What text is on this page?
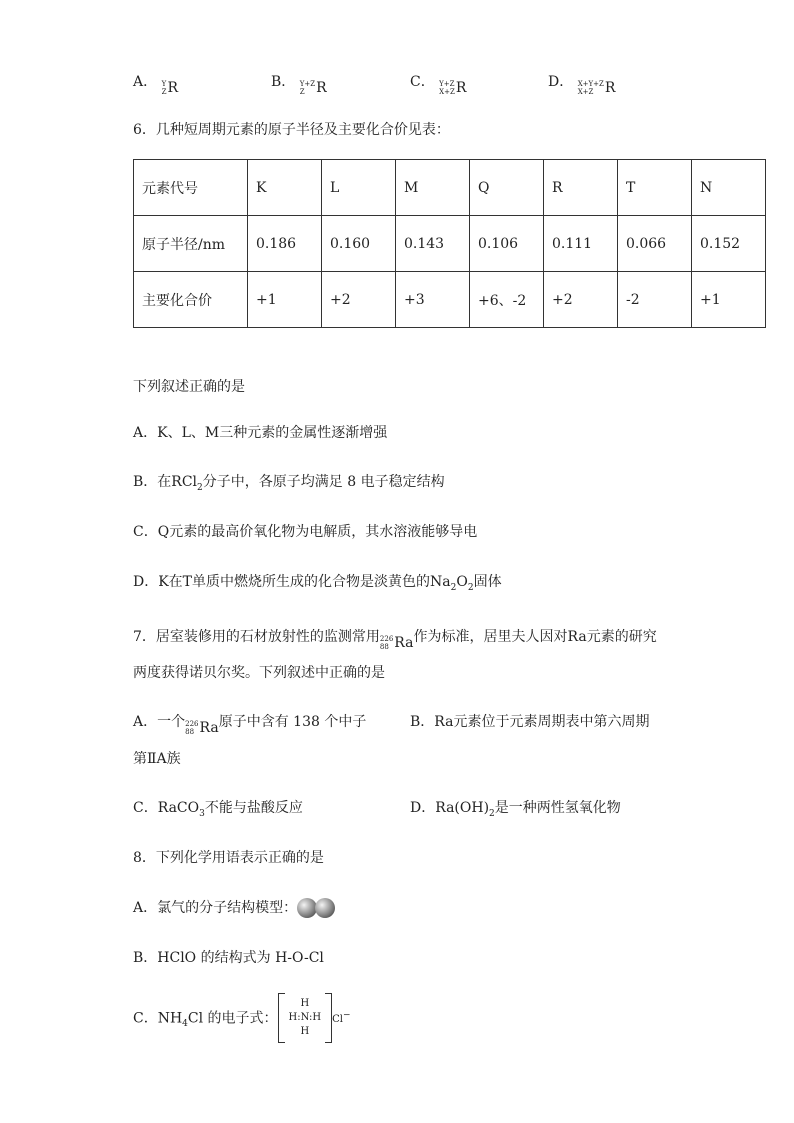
A． Y
Z R	B． Y+Z
Z R	C． Y+Z
X+Z R	D． X+Y+Z
X+Z R
6．几种短周期元素的原子半径及主要化合价见表：
元素代号	K	L	M	Q	R	T	N
原子半径/nm	0.186	0.160	0.143	0.106	0.111	0.066	0.152
主要化合价	+1	+2	+3	+6、-2	+2	-2	+1
下列叙述正确的是
A．K、L、M三种元素的金属性逐渐增强
B．在RCl$_2$分子中，各原子均满足 8 电子稳定结构
C．Q元素的最高价氧化物为电解质，其水溶液能够导电
D．K在T单质中燃烧所生成的化合物是淡黄色的$Na_2O_2$固体
7．居室装修用的石材放射性的监测常用 226
88 Ra 作为标准，居里夫人因对Ra元素的研究
两度获得诺贝尔奖。下列叙述中正确的是
A．一个 226
88 Ra 原子中含有 138 个中子	B．Ra元素位于元素周期表中第六周期
第ⅡA族
C．RaCO$_3$不能与盐酸反应	D．$Ra(OH)_2$是一种两性氢氧化物
8．下列化学用语表示正确的是
A．氯气的分子结构模型：
B．HClO 的结构式为 H-O-Cl
C．$NH_4Cl$ 的电子式：
H
H:N:H
H
Cl−
